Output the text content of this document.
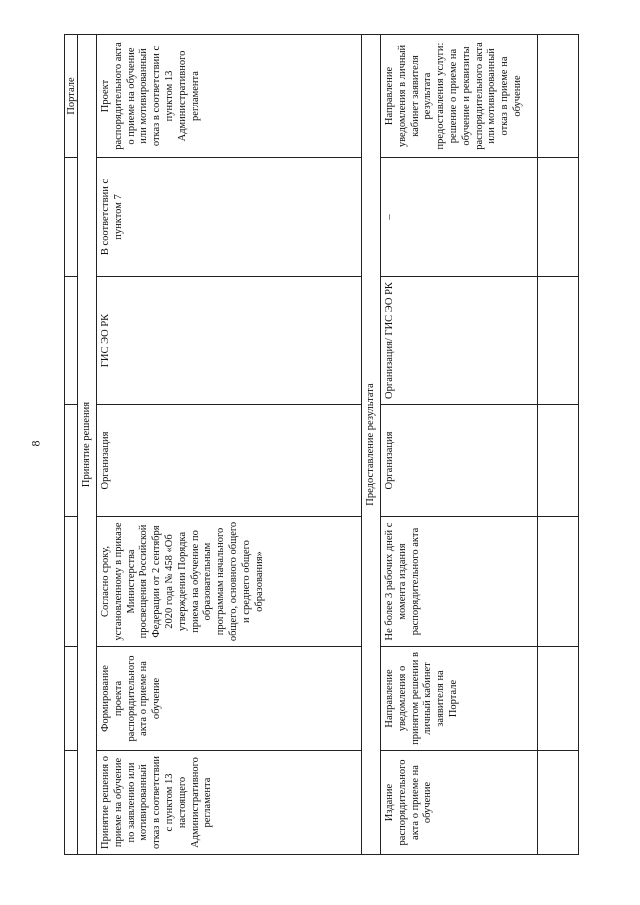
8
						Портале
Принятие решения						
Принятие решения о приеме на обучение по заявлению или мотивированный отказ в соответствии с пунктом 13 настоящего Административного регламента	Формирование проекта распорядительного акта о приеме на обучение	Согласно сроку, установленному в приказе Министерства просвещения Российской Федерации от 2 сентября 2020 года № 458 «Об утверждении Порядка приема на обучение по образовательным программам начального общего, основного общего и среднего общего образования»	Организация	ГИС ЭО РК	В соответствии с пунктом 7	Проект распорядительного акта о приеме на обучение или мотивированный отказ в соответствии с пунктом 13 Административного регламента
Предоставление результата						
Издание распорядительного акта о приеме на обучение	Направление уведомления о принятом решении в личный кабинет заявителя на Портале	Не более 3 рабочих дней с момента издания распорядительного акта	Организация	Организация/ ГИС ЭО РК	–	Направление уведомления в личный кабинет заявителя результата предоставления услуги: решение о приеме на обучение и реквизиты распорядительного акта или мотивированный отказ в приеме на обучение
